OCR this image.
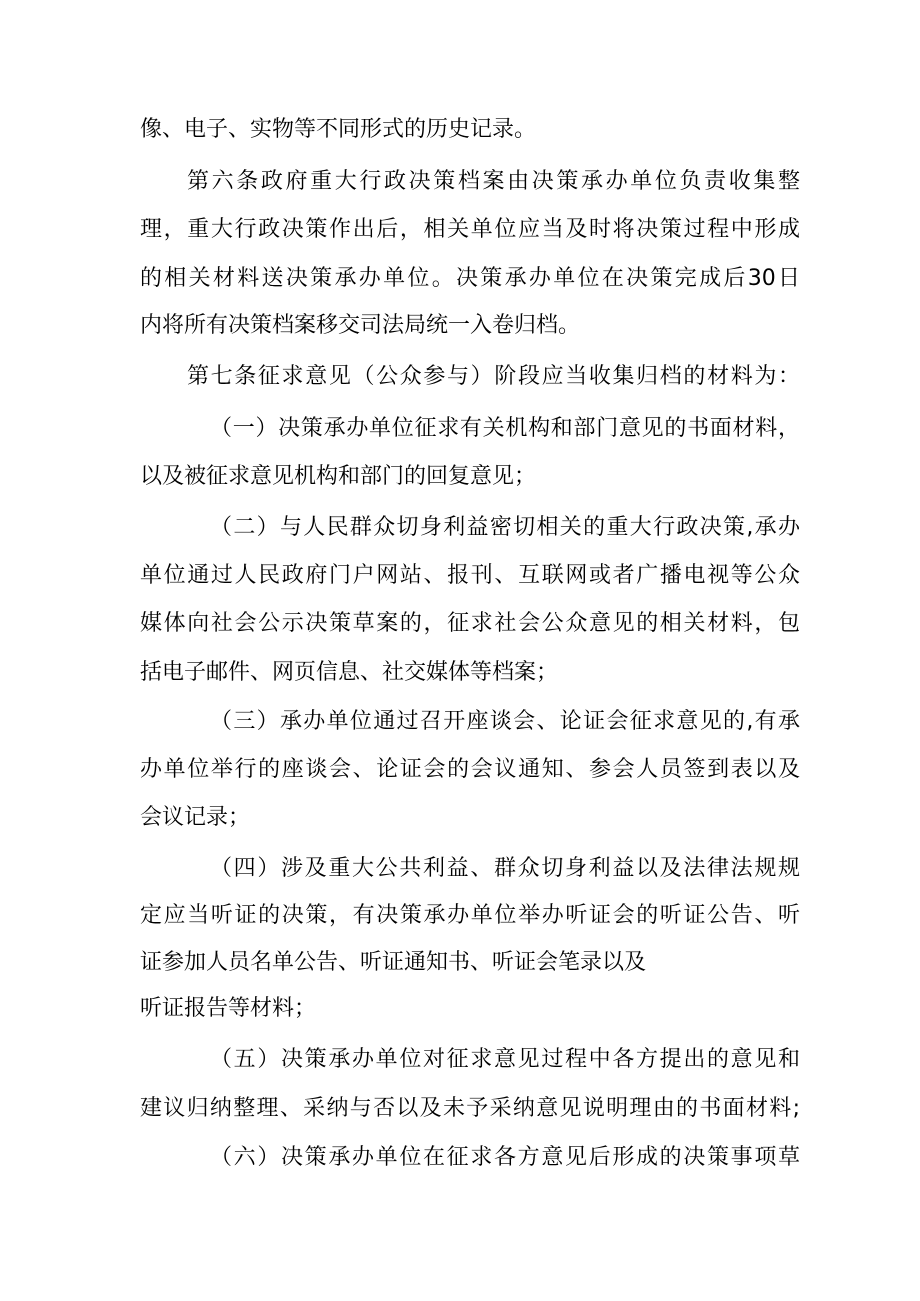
像、电子、实物等不同形式的历史记录。
第六条政府重大行政决策档案由决策承办单位负责收集整
理，重大行政决策作出后，相关单位应当及时将决策过程中形成
的相关材料送决策承办单位。决策承办单位在决策完成后30日
内将所有决策档案移交司法局统一入卷归档。
第七条征求意见（公众参与）阶段应当收集归档的材料为：
（一）决策承办单位征求有关机构和部门意见的书面材料，
以及被征求意见机构和部门的回复意见；
（二）与人民群众切身利益密切相关的重大行政决策,承办
单位通过人民政府门户网站、报刊、互联网或者广播电视等公众
媒体向社会公示决策草案的，征求社会公众意见的相关材料，包
括电子邮件、网页信息、社交媒体等档案；
（三）承办单位通过召开座谈会、论证会征求意见的,有承
办单位举行的座谈会、论证会的会议通知、参会人员签到表以及
会议记录；
（四）涉及重大公共利益、群众切身利益以及法律法规规
定应当听证的决策，有决策承办单位举办听证会的听证公告、听
证参加人员名单公告、听证通知书、听证会笔录以及
听证报告等材料；
（五）决策承办单位对征求意见过程中各方提出的意见和
建议归纳整理、采纳与否以及未予采纳意见说明理由的书面材料;
（六）决策承办单位在征求各方意见后形成的决策事项草
